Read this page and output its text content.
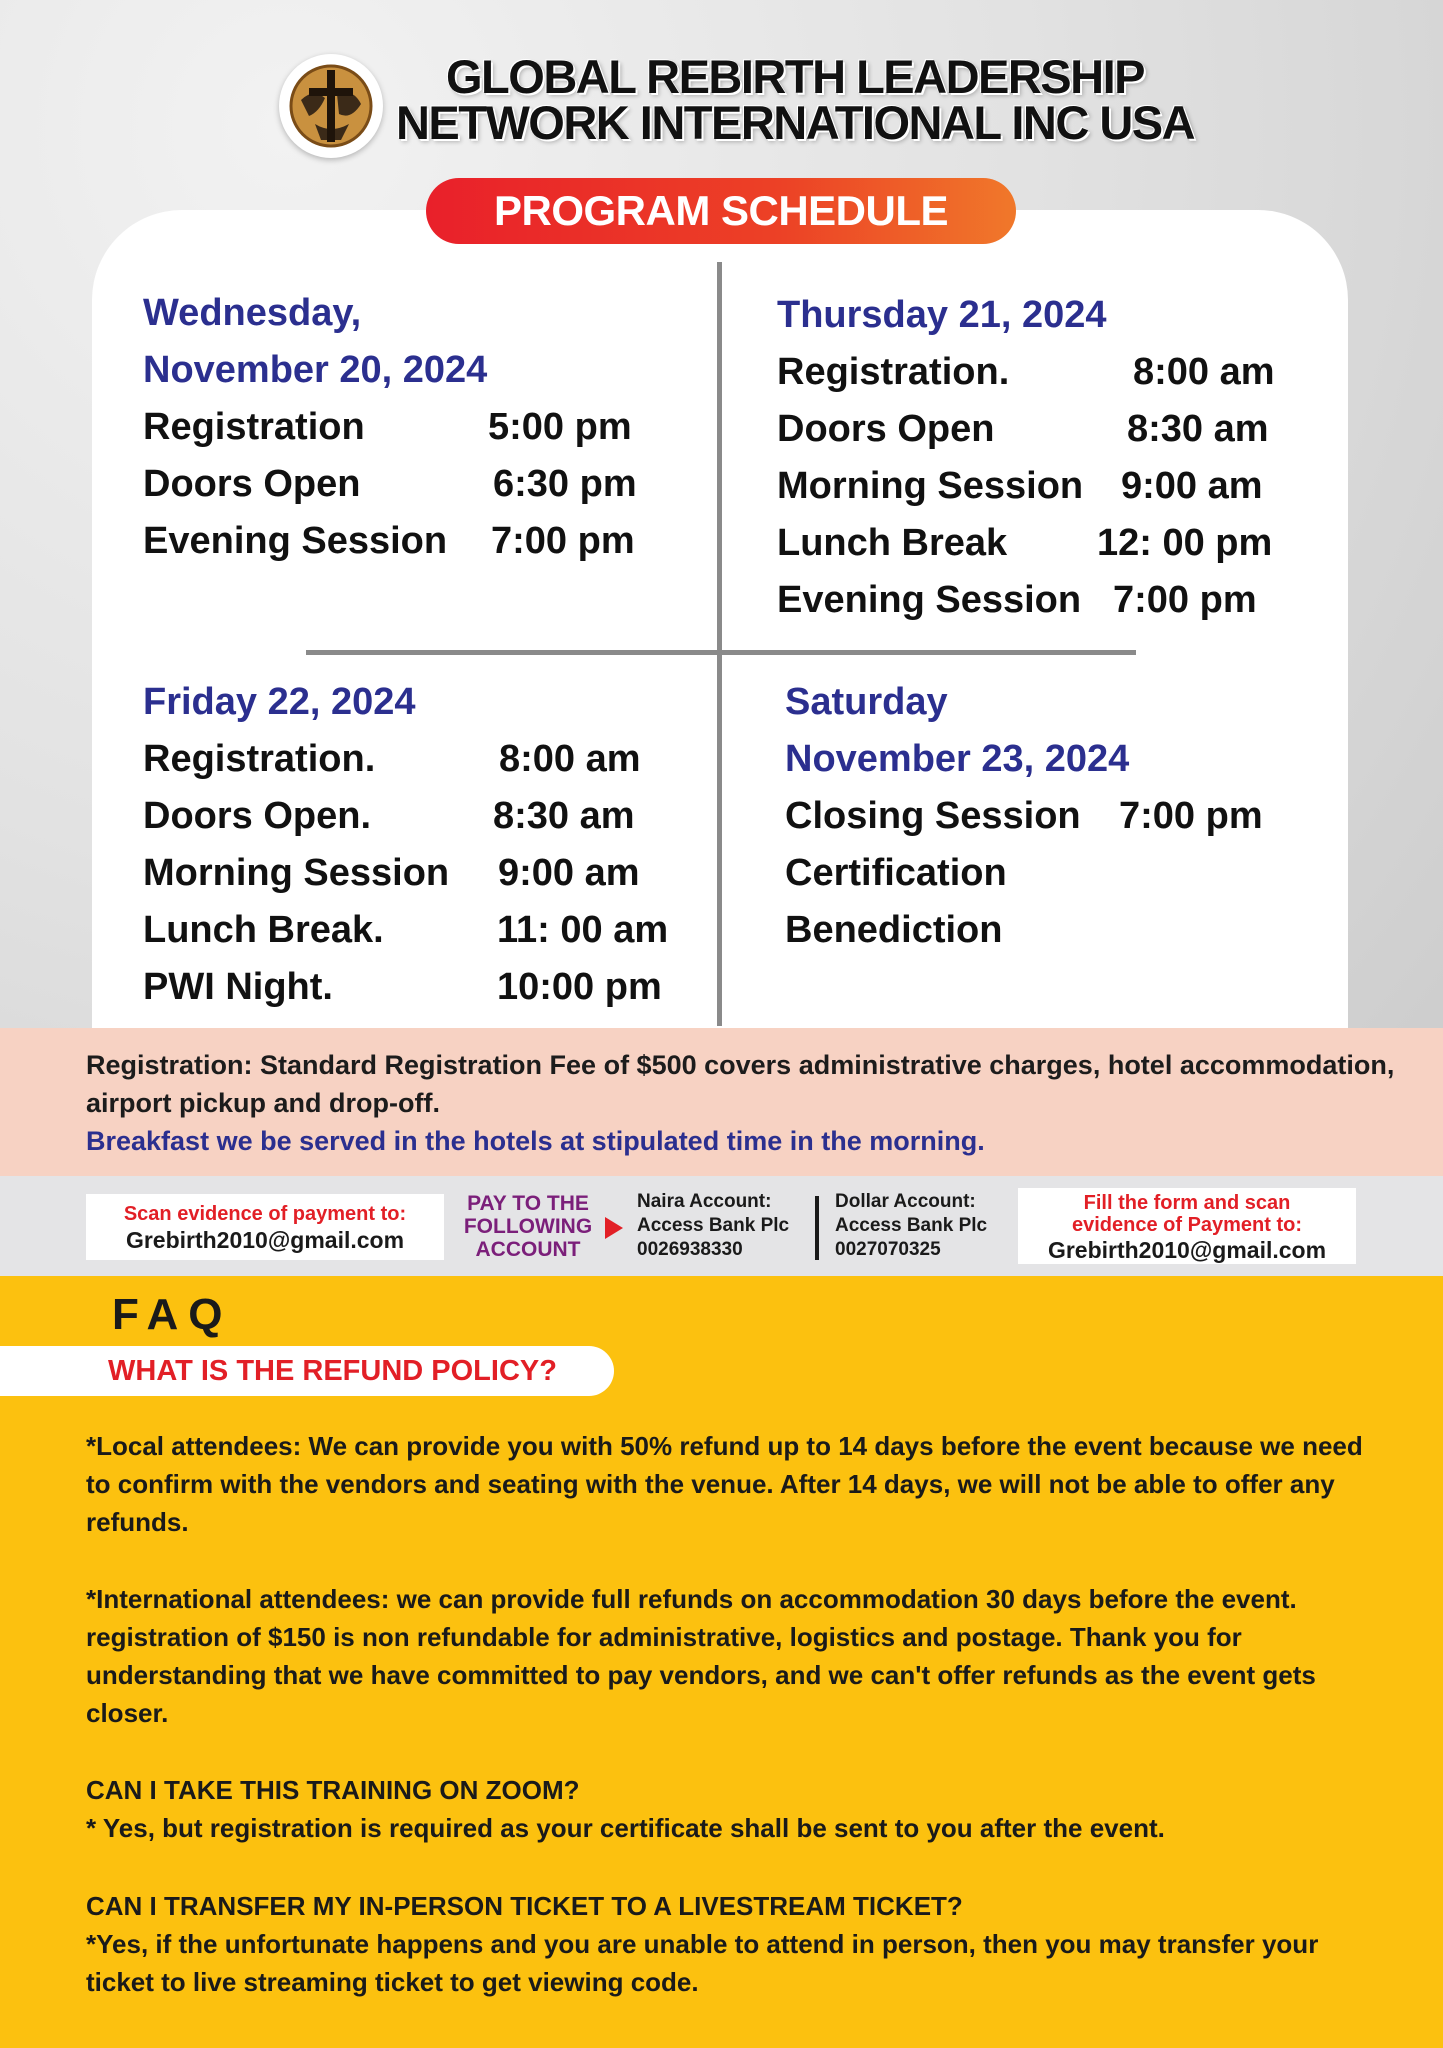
GLOBAL REBIRTH LEADERSHIP
NETWORK INTERNATIONAL INC USA
PROGRAM SCHEDULE
Wednesday,
November 20, 2024
Registration	5:00 pm
Doors Open	6:30 pm
Evening Session 7:00 pm
Thursday 21, 2024
Registration.	8:00 am
Doors Open	8:30 am
Morning Session 9:00 am
Lunch Break 12: 00 pm
Evening Session 7:00 pm
Friday 22, 2024
Registration.	8:00 am
Doors Open.	8:30 am
Morning Session 9:00 am
Lunch Break.	11: 00 am
PWI Night.	10:00 pm
Saturday
November 23, 2024
Closing Session 7:00 pm
Certification
Benediction
Registration: Standard Registration Fee of $500 covers administrative charges, hotel accommodation, airport pickup and drop-off.
Breakfast we be served in the hotels at stipulated time in the morning.
Scan evidence of payment to:
Grebirth2010@gmail.com
PAY TO THE FOLLOWING ACCOUNT
Naira Account:
Access Bank Plc
0026938330
Dollar Account:
Access Bank Plc
0027070325
Fill the form and scan evidence of Payment to:
Grebirth2010@gmail.com
FAQ
WHAT IS THE REFUND POLICY?
*Local attendees: We can provide you with 50% refund up to 14 days before the event because we need to confirm with the vendors and seating with the venue. After 14 days, we will not be able to offer any refunds.
*International attendees: we can provide full refunds on accommodation 30 days before the event. registration of $150 is non refundable for administrative, logistics and postage. Thank you for understanding that we have committed to pay vendors, and we can't offer refunds as the event gets closer.
CAN I TAKE THIS TRAINING ON ZOOM?
* Yes, but registration is required as your certificate shall be sent to you after the event.
CAN I TRANSFER MY IN-PERSON TICKET TO A LIVESTREAM TICKET?
*Yes, if the unfortunate happens and you are unable to attend in person, then you may transfer your ticket to live streaming ticket to get viewing code.
